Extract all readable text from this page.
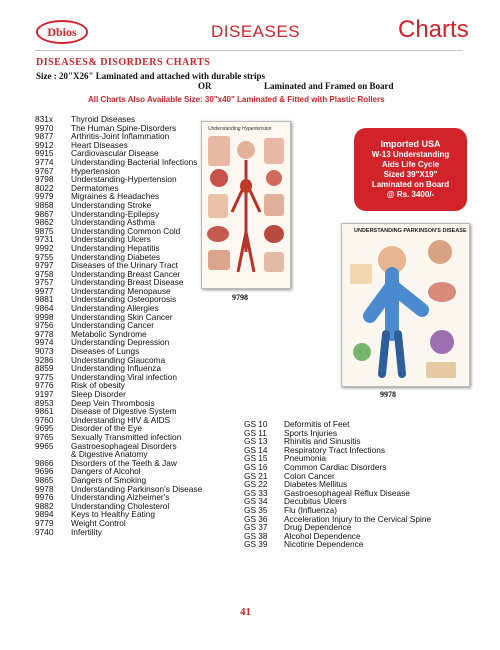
Dbios	DISEASES	Charts
DISEASES& DISORDERS CHARTS
Size : 20"X26" Laminated and attached with durable strips
OR	Laminated and Framed on Board
All Charts Also Available Size: 30"x40" Laminated & Fitted with Plastic Rollers
831x	Thyroid Diseases
9970	The Human Spine-Disorders
9877	Arthritis-Joint Inflammation
9912	Heart Diseases
9915	Cardiovascular Disease
9774	Understanding Bacterial Infections
9767	Hypertension
9798	Understanding-Hypertension
8022	Dermatomes
9979	Migraines & Headaches
9868	Understanding Stroke
9867	Understanding-Epilepsy
9862	Understanding Asthma
9875	Understanding Common Cold
9731	Understanding Ulcers
9992	Understanding Hepatitis
9755	Understanding Diabetes
9797	Diseases of the Urinary Tract
9758	Understanding Breast Cancer
9757	Understanding Breast Disease
9977	Understanding Menopause
9881	Understanding Osteoporosis
9864	Understanding Allergies
9998	Understanding Skin Cancer
9756	Understanding Cancer
9778	Metabolic Syndrome
9974	Understanding Depression
9073	Diseases of Lungs
9286	Understanding Glaucoma
8859	Understanding Influenza
9775	Understanding Viral infection
9776	Risk of obesity
9197	Sleep Disorder
8953	Deep Vein Thrombosis
9861	Disease of Digestive System
9760	Understanding HIV & AIDS
9695	Disorder of the Eye
9765	Sexually Transmitted infection
9965	Gastroesophageal Disorders
& Digestive Anatomy
9866	Disorders of the Teeth & Jaw
9696	Dangers of Alcohol
9865	Dangers of Smoking
9978	Understanding Parkinson's Disease
9976	Understanding Alzheimer's
9882	Understanding Cholesterol
9894	Keys to Healthy Eating
9779	Weight Control
9740	Infertility
GS 10	Deformitis of Feet
GS 11	Sports Injuries
GS 13	Rhinitis and Sinusitis
GS 14	Respiratory Tract Infections
GS 15	Pneumonia
GS 16	Common Cardiac Disorders
GS 21	Colon Cancer
GS 22	Diabetes Mellitus
GS 33	Gastroesophageal Reflux Disease
GS 34	Decubitus Ulcers
GS 35	Flu (Influenza)
GS 36	Acceleration Injury to the Cervical Spine
GS 37	Drug Dependence
GS 38	Alcohol Dependence
GS 39	Nicotine Dependence
Understanding Hypertension
9798
UNDERSTANDING PARKINSON'S DISEASE
9978
Imported USA
W-13 Understanding
Aids Life Cycle
Sized 39"X19"
Laminated on Board
@ Rs. 3400/-
41
